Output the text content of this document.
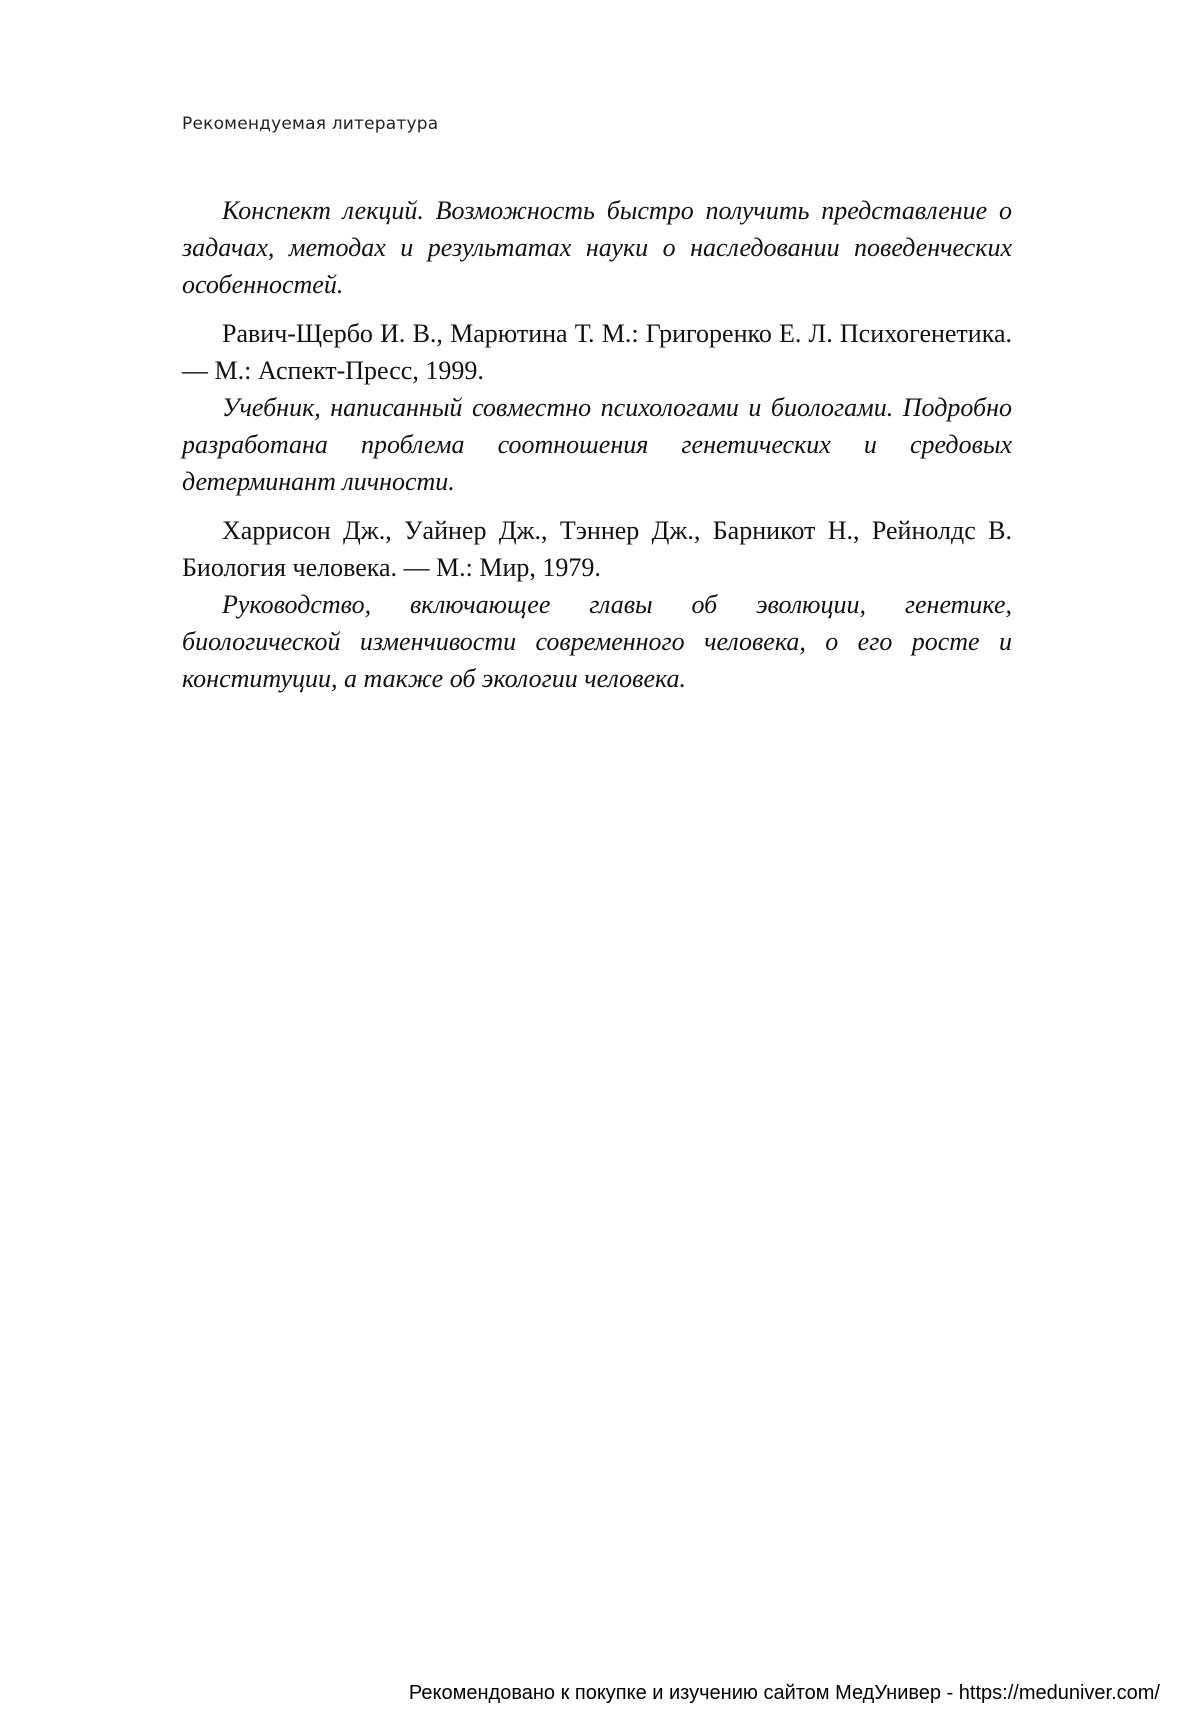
Рекомендуемая литература

Конспект лекций. Возможность быстро получить представление о задачах, методах и результатах науки о наследовании поведенческих особенностей.

Равич-Щербо И. В., Марютина Т. М.: Григоренко Е. Л. Психогенетика. — М.: Аспект-Пресс, 1999.

Учебник, написанный совместно психологами и биологами. Подробно разработана проблема соотношения генетических и средовых детерминант личности.

Харрисон Дж., Уайнер Дж., Тэннер Дж., Барникот Н., Рейнолдс В. Биология человека. — М.: Мир, 1979.

Руководство, включающее главы об эволюции, генетике, биологической изменчивости современного человека, о его росте и конституции, а также об экологии человека.

Рекомендовано к покупке и изучению сайтом МедУнивер - https://meduniver.com/
